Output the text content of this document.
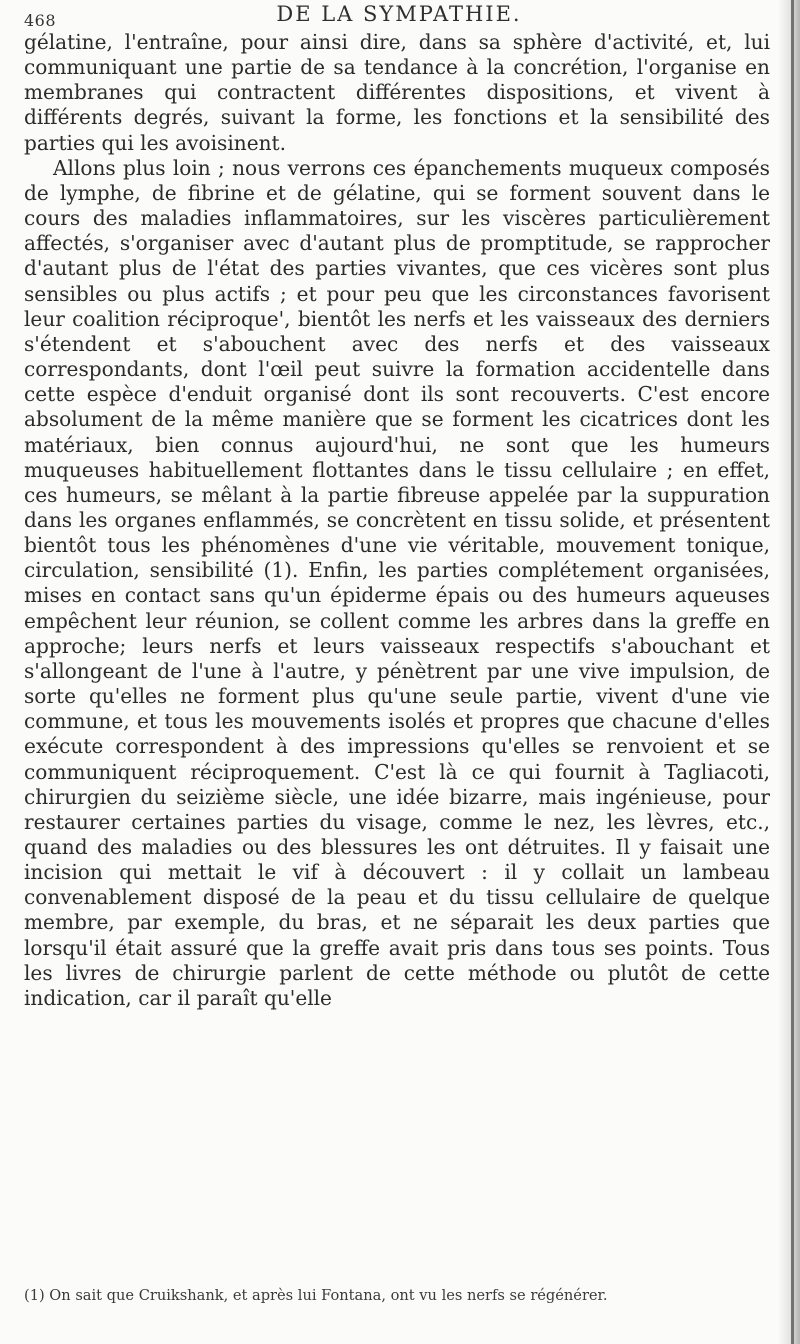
468	DE LA SYMPATHIE.

gélatine, l'entraîne, pour ainsi dire, dans sa sphère d'activité, et, lui communiquant une partie de sa tendance à la concrétion, l'organise en membranes qui contractent différentes dispositions, et vivent à différents degrés, suivant la forme, les fonctions et la sensibilité des parties qui les avoisinent.

Allons plus loin ; nous verrons ces épanchements muqueux composés de lymphe, de fibrine et de gélatine, qui se forment souvent dans le cours des maladies inflammatoires, sur les viscères particulièrement affectés, s'organiser avec d'autant plus de promptitude, se rapprocher d'autant plus de l'état des parties vivantes, que ces vicères sont plus sensibles ou plus actifs ; et pour peu que les circonstances favorisent leur coalition réciproque', bientôt les nerfs et les vaisseaux des derniers s'étendent et s'abouchent avec des nerfs et des vaisseaux correspondants, dont l'œil peut suivre la formation accidentelle dans cette espèce d'enduit organisé dont ils sont recouverts. C'est encore absolument de la même manière que se forment les cicatrices dont les matériaux, bien connus aujourd'hui, ne sont que les humeurs muqueuses habituellement flottantes dans le tissu cellulaire ; en effet, ces humeurs, se mêlant à la partie fibreuse appelée par la suppuration dans les organes enflammés, se concrètent en tissu solide, et présentent bientôt tous les phénomènes d'une vie véritable, mouvement tonique, circulation, sensibilité (1). Enfin, les parties complétement organisées, mises en contact sans qu'un épiderme épais ou des humeurs aqueuses empêchent leur réunion, se collent comme les arbres dans la greffe en approche; leurs nerfs et leurs vaisseaux respectifs s'abouchant et s'allongeant de l'une à l'autre, y pénètrent par une vive impulsion, de sorte qu'elles ne forment plus qu'une seule partie, vivent d'une vie commune, et tous les mouvements isolés et propres que chacune d'elles exécute correspondent à des impressions qu'elles se renvoient et se communiquent réciproquement. C'est là ce qui fournit à Tagliacoti, chirurgien du seizième siècle, une idée bizarre, mais ingénieuse, pour restaurer certaines parties du visage, comme le nez, les lèvres, etc., quand des maladies ou des blessures les ont détruites. Il y faisait une incision qui mettait le vif à découvert : il y collait un lambeau convenablement disposé de la peau et du tissu cellulaire de quelque membre, par exemple, du bras, et ne séparait les deux parties que lorsqu'il était assuré que la greffe avait pris dans tous ses points. Tous les livres de chirurgie parlent de cette méthode ou plutôt de cette indication, car il paraît qu'elle

(1) On sait que Cruikshank, et après lui Fontana, ont vu les nerfs se régénérer.
